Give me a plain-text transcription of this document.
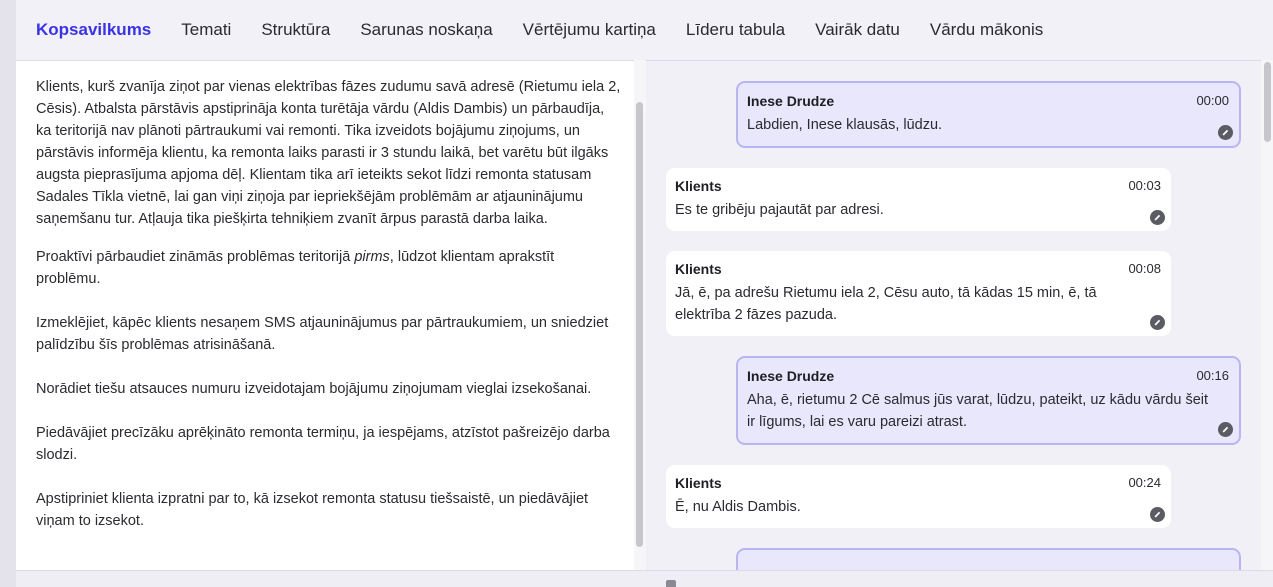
Kopsavilkums Temati Struktūra Sarunas noskaņa Vērtējumu kartiņa Līderu tabula Vairāk datu Vārdu mākonis

Klients, kurš zvanīja ziņot par vienas elektrības fāzes zudumu savā adresē (Rietumu iela 2, Cēsis). Atbalsta pārstāvis apstiprināja konta turētāja vārdu (Aldis Dambis) un pārbaudīja, ka teritorijā nav plānoti pārtraukumi vai remonti. Tika izveidots bojājumu ziņojums, un pārstāvis informēja klientu, ka remonta laiks parasti ir 3 stundu laikā, bet varētu būt ilgāks augsta pieprasījuma apjoma dēļ. Klientam tika arī ieteikts sekot līdzi remonta statusam Sadales Tīkla vietnē, lai gan viņi ziņoja par iepriekšējām problēmām ar atjauninājumu saņemšanu tur. Atļauja tika piešķirta tehniķiem zvanīt ārpus parastā darba laika.

Proaktīvi pārbaudiet zināmās problēmas teritorijā pirms, lūdzot klientam aprakstīt problēmu.

Izmeklējiet, kāpēc klients nesaņem SMS atjauninājumus par pārtraukumiem, un sniedziet palīdzību šīs problēmas atrisināšanā.

Norādiet tiešu atsauces numuru izveidotajam bojājumu ziņojumam vieglai izsekošanai.

Piedāvājiet precīzāku aprēķināto remonta termiņu, ja iespējams, atzīstot pašreizējo darba slodzi.

Apstipriniet klienta izpratni par to, kā izsekot remonta statusu tiešsaistē, un piedāvājiet viņam to izsekot.

Inese Drudze	00:00
Labdien, Inese klausās, lūdzu.
Klients	00:03
Es te gribēju pajautāt par adresi.
Klients	00:08
Jā, ē, pa adrešu Rietumu iela 2, Cēsu auto, tā kādas 15 min, ē, tā elektrība 2 fāzes pazuda.
Inese Drudze	00:16
Aha, ē, rietumu 2 Cē salmus jūs varat, lūdzu, pateikt, uz kādu vārdu šeit ir līgums, lai es varu pareizi atrast.
Klients	00:24
Ē, nu Aldis Dambis.
